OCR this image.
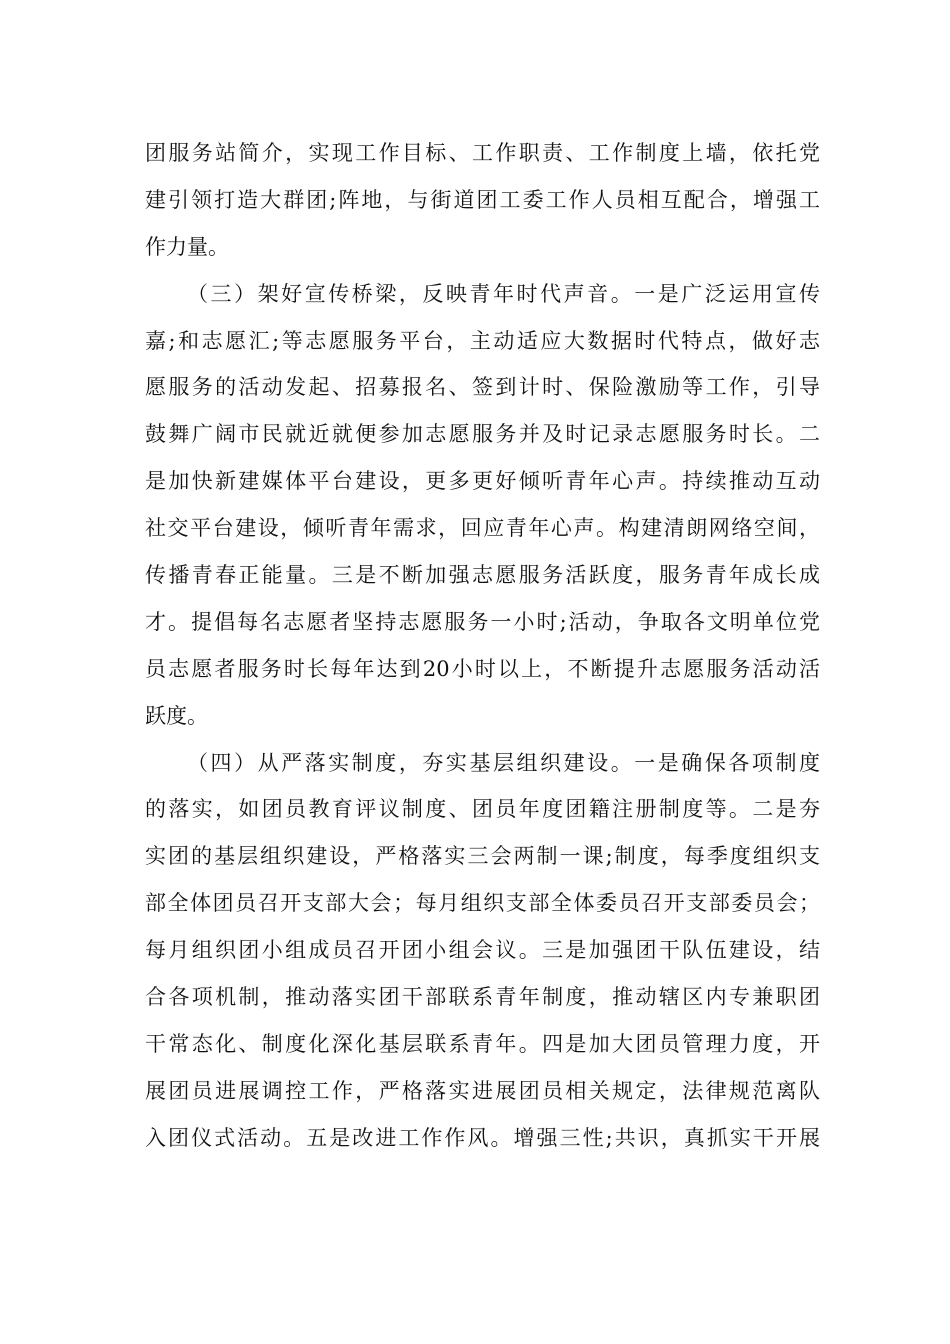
团服务站简介，实现工作目标、工作职责、工作制度上墙，依托党
建引领打造大群团;阵地，与街道团工委工作人员相互配合，增强工
作力量。
（三）架好宣传桥梁，反映青年时代声音。一是广泛运用宣传
嘉;和志愿汇;等志愿服务平台，主动适应大数据时代特点，做好志
愿服务的活动发起、招募报名、签到计时、保险激励等工作，引导
鼓舞广阔市民就近就便参加志愿服务并及时记录志愿服务时长。二
是加快新建媒体平台建设，更多更好倾听青年心声。持续推动互动
社交平台建设，倾听青年需求，回应青年心声。构建清朗网络空间，
传播青春正能量。三是不断加强志愿服务活跃度，服务青年成长成
才。提倡每名志愿者坚持志愿服务一小时;活动，争取各文明单位党
员志愿者服务时长每年达到20小时以上，不断提升志愿服务活动活
跃度。
（四）从严落实制度，夯实基层组织建设。一是确保各项制度
的落实，如团员教育评议制度、团员年度团籍注册制度等。二是夯
实团的基层组织建设，严格落实三会两制一课;制度，每季度组织支
部全体团员召开支部大会；每月组织支部全体委员召开支部委员会；
每月组织团小组成员召开团小组会议。三是加强团干队伍建设，结
合各项机制，推动落实团干部联系青年制度，推动辖区内专兼职团
干常态化、制度化深化基层联系青年。四是加大团员管理力度，开
展团员进展调控工作，严格落实进展团员相关规定，法律规范离队
入团仪式活动。五是改进工作作风。增强三性;共识，真抓实干开展
